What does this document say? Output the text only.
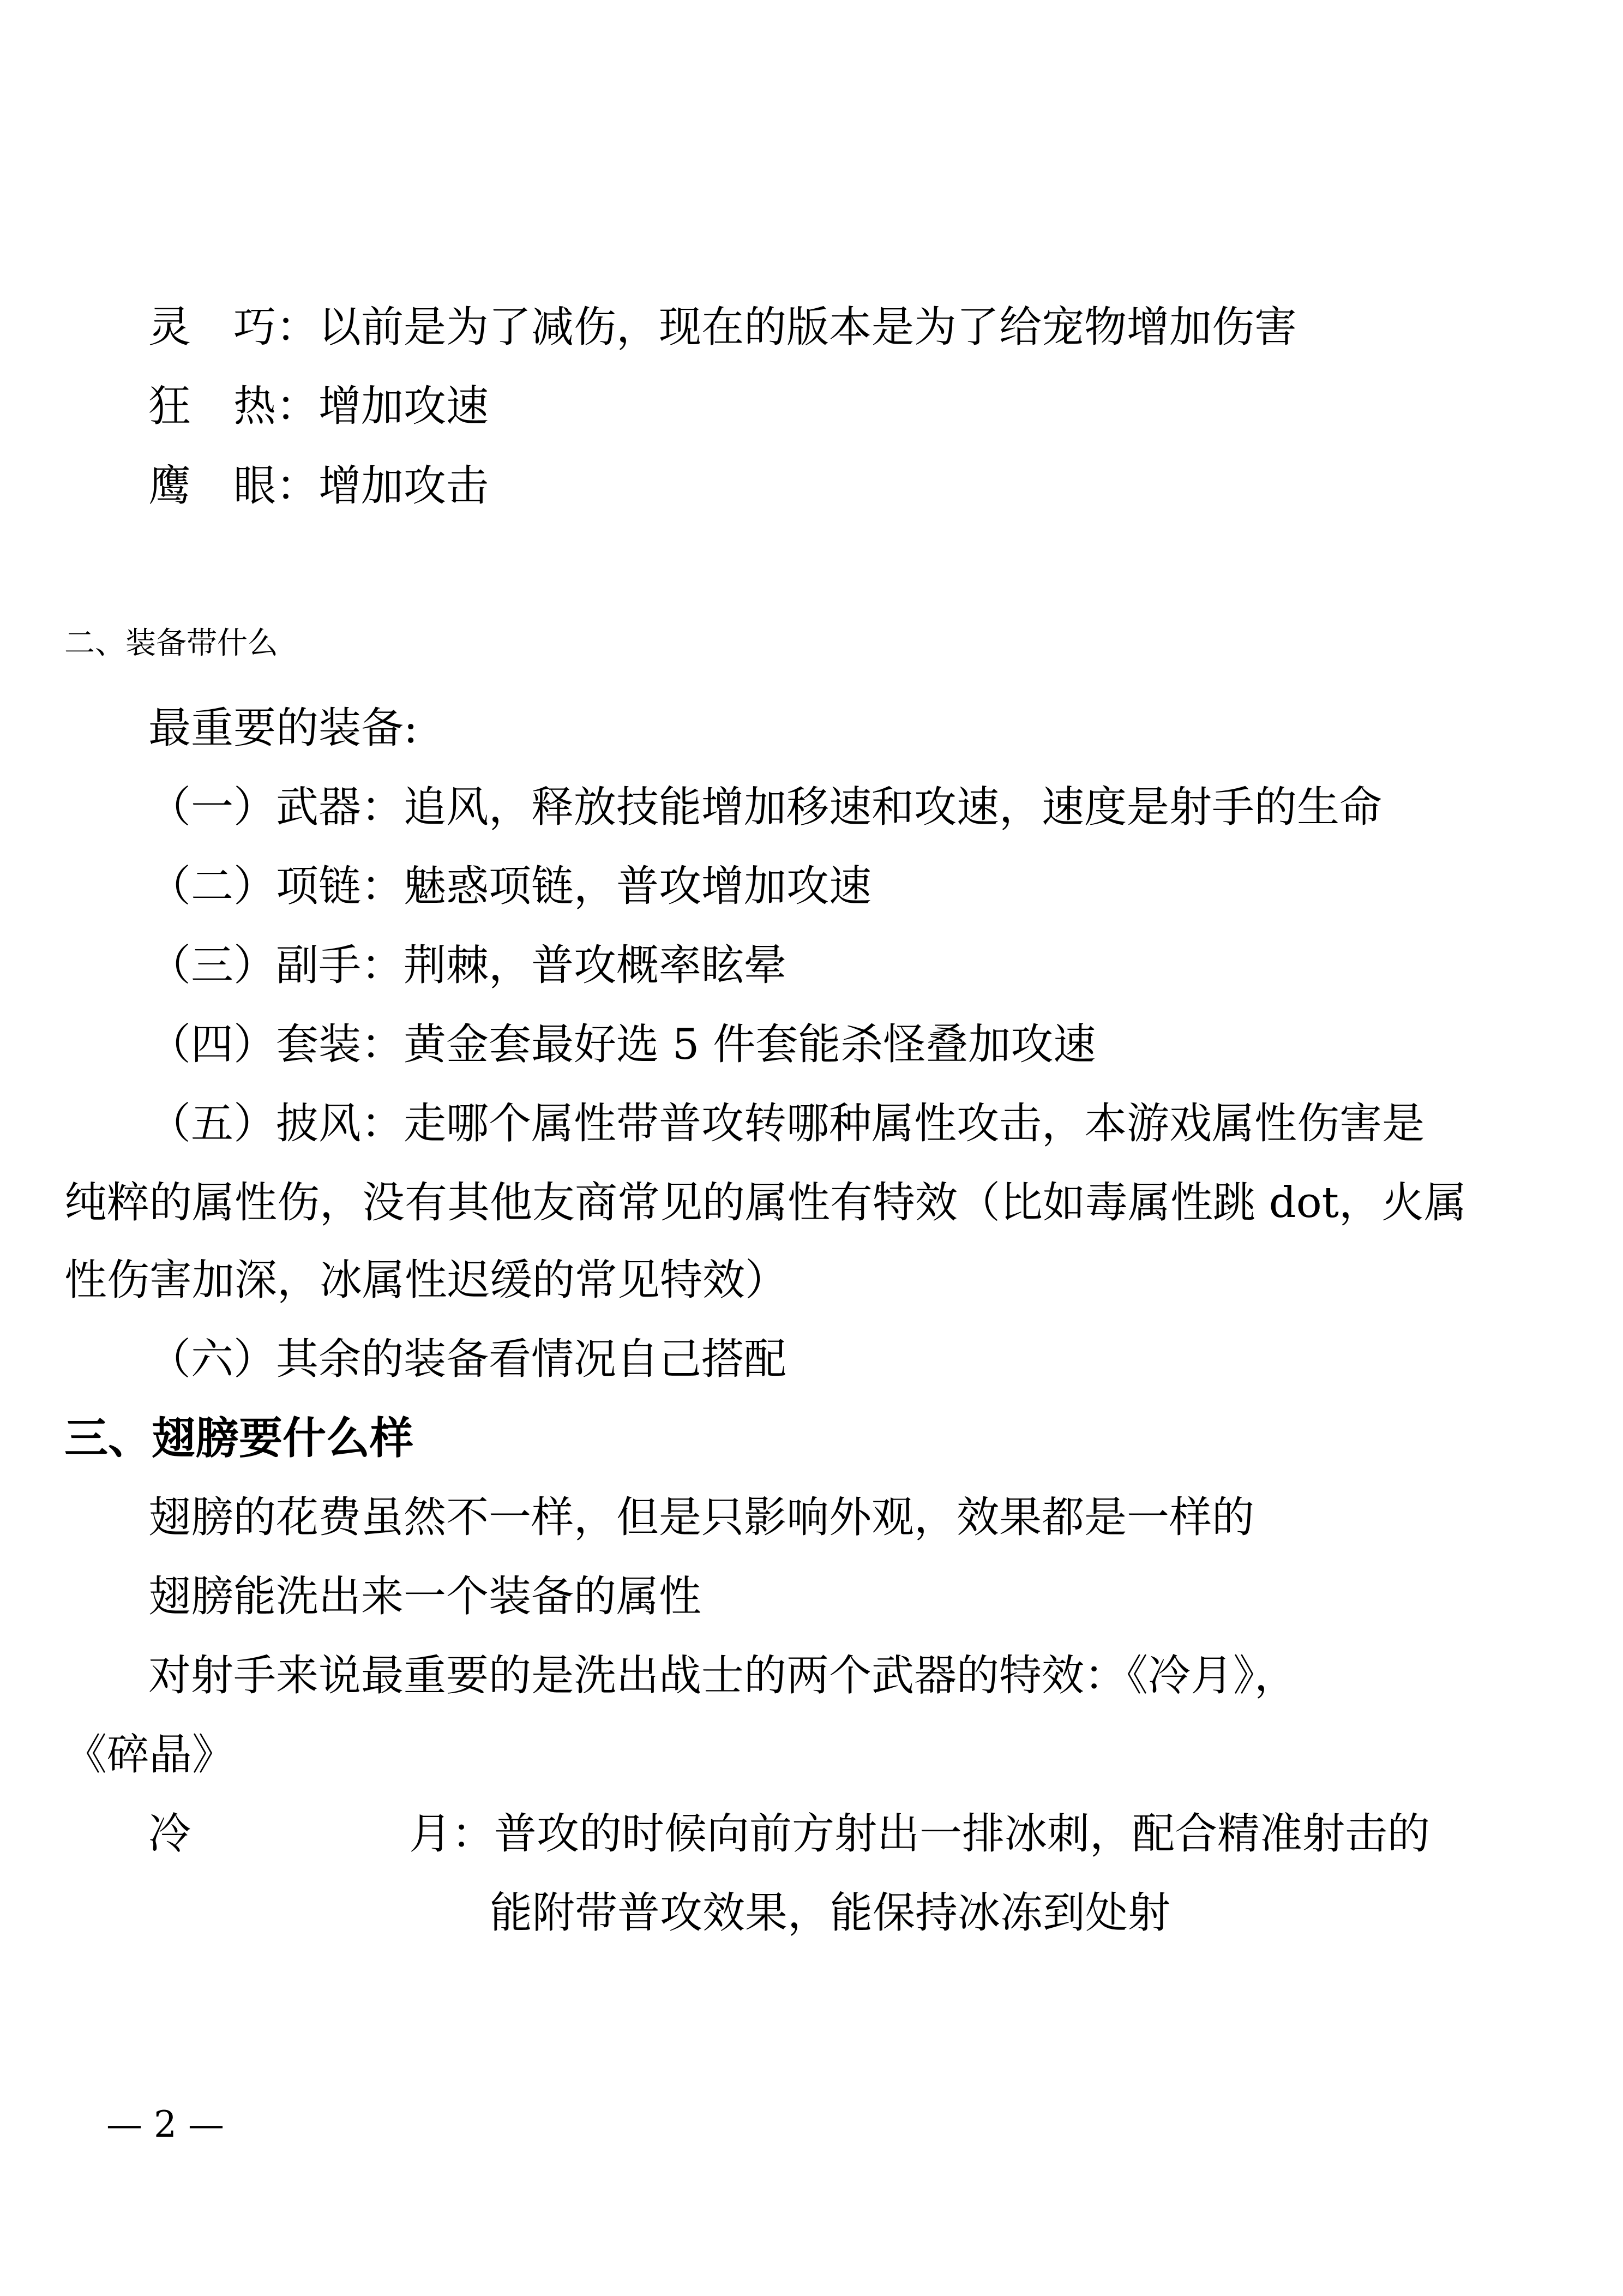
灵 巧：以前是为了减伤，现在的版本是为了给宠物增加伤害
狂 热：增加攻速
鹰 眼：增加攻击
二、装备带什么
最重要的装备:
（一）武器：追风，释放技能增加移速和攻速，速度是射手的生命
（二）项链：魅惑项链，普攻增加攻速
（三）副手：荆棘，普攻概率眩晕
（四）套装：黄金套最好选 5 件套能杀怪叠加攻速
（五）披风：走哪个属性带普攻转哪种属性攻击，本游戏属性伤害是
纯粹的属性伤，没有其他友商常见的属性有特效（比如毒属性跳 dot，火属
性伤害加深，冰属性迟缓的常见特效）
（六）其余的装备看情况自己搭配
三、翅膀要什么样
翅膀的花费虽然不一样，但是只影响外观，效果都是一样的
翅膀能洗出来一个装备的属性
对射手来说最重要的是洗出战士的两个武器的特效：《冷月》，
《碎晶》
冷	月：普攻的时候向前方射出一排冰刺，配合精准射击的
能附带普攻效果，能保持冰冻到处射
— 2 —
